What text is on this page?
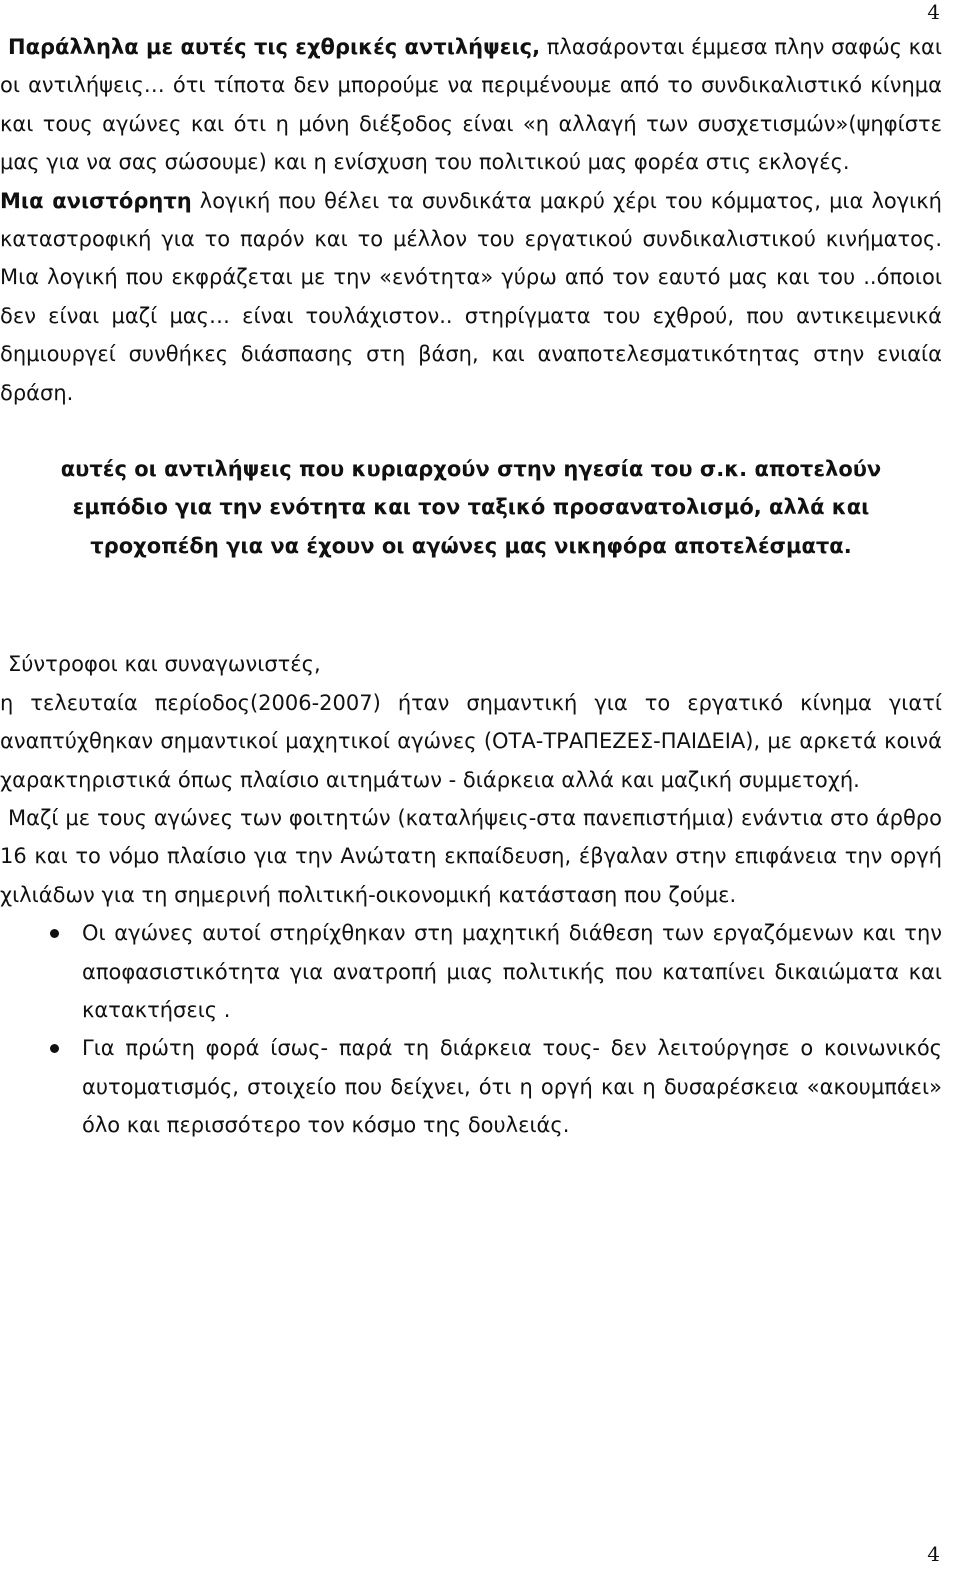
4

Παράλληλα με αυτές τις εχθρικές αντιλήψεις, πλασάρονται έμμεσα πλην σαφώς και οι αντιλήψεις… ότι τίποτα δεν μπορούμε να περιμένουμε από το συνδικαλιστικό κίνημα και τους αγώνες και ότι η μόνη διέξοδος είναι «η αλλαγή των συσχετισμών»(ψηφίστε μας για να σας σώσουμε) και η ενίσχυση του πολιτικού μας φορέα στις εκλογές.

Μια ανιστόρητη λογική που θέλει τα συνδικάτα μακρύ χέρι του κόμματος, μια λογική καταστροφική για το παρόν και το μέλλον του εργατικού συνδικαλιστικού κινήματος. Μια λογική που εκφράζεται με την «ενότητα» γύρω από τον εαυτό μας και του ..όποιοι δεν είναι μαζί μας… είναι τουλάχιστον.. στηρίγματα του εχθρού, που αντικειμενικά δημιουργεί συνθήκες διάσπασης στη βάση, και αναποτελεσματικότητας στην ενιαία δράση.

αυτές οι αντιλήψεις που κυριαρχούν στην ηγεσία του σ.κ. αποτελούν εμπόδιο για την ενότητα και τον ταξικό προσανατολισμό, αλλά και τροχοπέδη για να έχουν οι αγώνες μας νικηφόρα αποτελέσματα.

Σύντροφοι και συναγωνιστές,

η τελευταία περίοδος(2006-2007) ήταν σημαντική για το εργατικό κίνημα γιατί αναπτύχθηκαν σημαντικοί μαχητικοί αγώνες (ΟΤΑ-ΤΡΑΠΕΖΕΣ-ΠΑΙΔΕΙΑ), με αρκετά κοινά χαρακτηριστικά όπως πλαίσιο αιτημάτων - διάρκεια αλλά και μαζική συμμετοχή.

Μαζί με τους αγώνες των φοιτητών (καταλήψεις-στα πανεπιστήμια) ενάντια στο άρθρο 16 και το νόμο πλαίσιο για την Ανώτατη εκπαίδευση, έβγαλαν στην επιφάνεια την οργή χιλιάδων για τη σημερινή πολιτική-οικονομική κατάσταση που ζούμε.

Οι αγώνες αυτοί στηρίχθηκαν στη μαχητική διάθεση των εργαζόμενων και την αποφασιστικότητα για ανατροπή μιας πολιτικής που καταπίνει δικαιώματα και κατακτήσεις .
Για πρώτη φορά ίσως- παρά τη διάρκεια τους- δεν λειτούργησε ο κοινωνικός αυτοματισμός, στοιχείο που δείχνει, ότι η οργή και η δυσαρέσκεια «ακουμπάει» όλο και περισσότερο τον κόσμο της δουλειάς.
4
